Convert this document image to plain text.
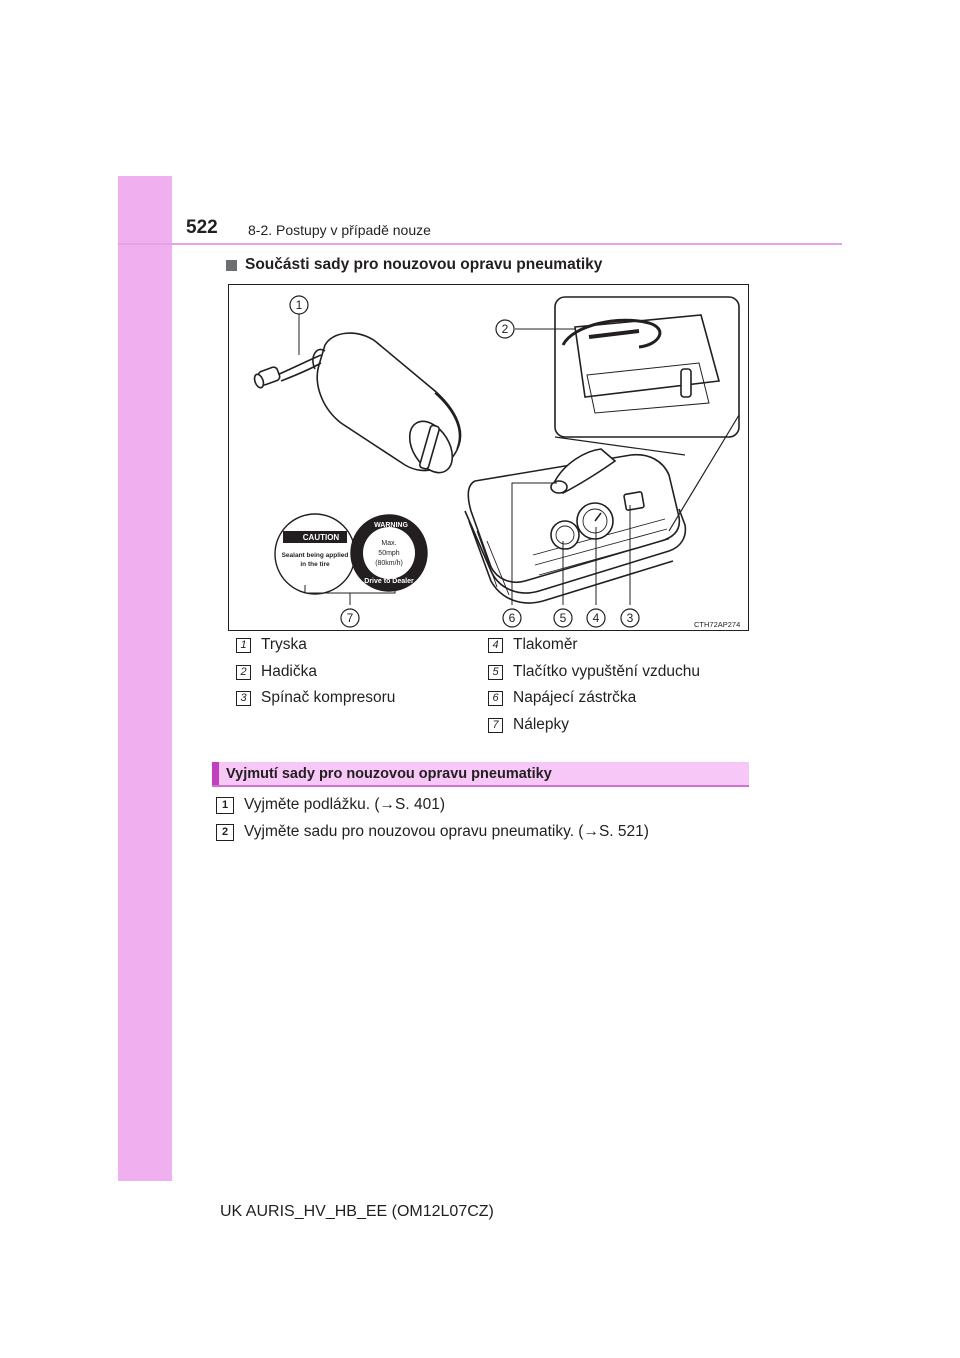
522 8-2. Postupy v případě nouze
Součásti sady pro nouzovou opravu pneumatiky
CAUTION
Sealant being applied
in the tire
WARNING
Max.
50mph
(80km/h)
Drive to Dealer
1
2
3
4
5
6
7	CTH72AP274
1 Tryska
2 Hadička
3 Spínač kompresoru
4 Tlakoměr
5 Tlačítko vypuštění vzduchu
6 Napájecí zástrčka
7 Nálepky
Vyjmutí sady pro nouzovou opravu pneumatiky
1	Vyjměte podlážku. (→S. 401)
2	Vyjměte sadu pro nouzovou opravu pneumatiky. (→S. 521)
UK AURIS_HV_HB_EE (OM12L07CZ)
